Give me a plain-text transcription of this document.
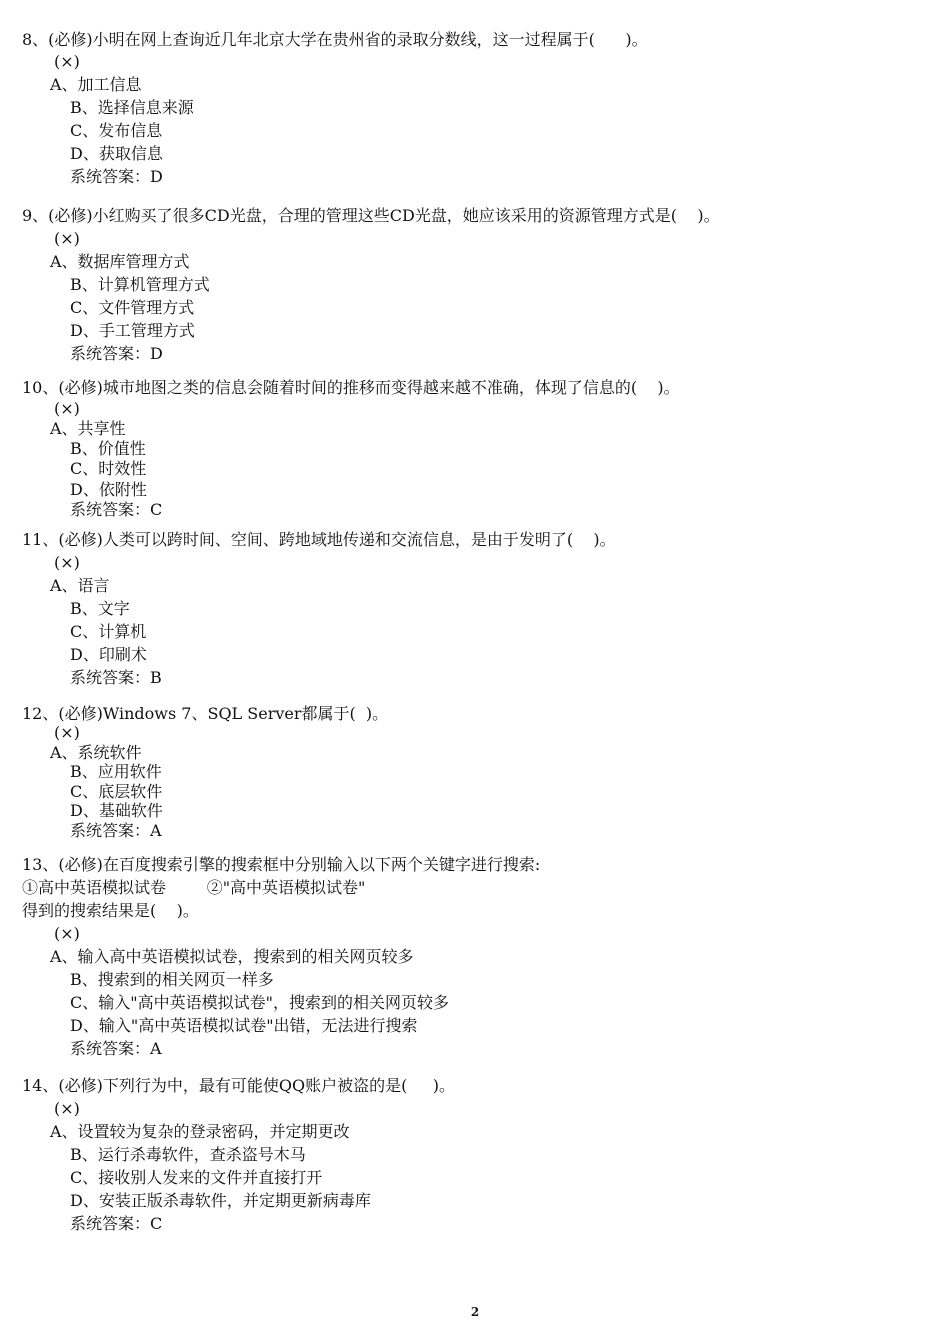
8、(必修)小明在网上查询近几年北京大学在贵州省的录取分数线，这一过程属于(      )。
(×)
A、加工信息
B、选择信息来源
C、发布信息
D、获取信息
系统答案：D
9、(必修)小红购买了很多CD光盘，合理的管理这些CD光盘，她应该采用的资源管理方式是(    )。
(×)
A、数据库管理方式
B、计算机管理方式
C、文件管理方式
D、手工管理方式
系统答案：D
10、(必修)城市地图之类的信息会随着时间的推移而变得越来越不准确，体现了信息的(    )。
(×)
A、共享性
B、价值性
C、时效性
D、依附性
系统答案：C
11、(必修)人类可以跨时间、空间、跨地域地传递和交流信息，是由于发明了(    )。
(×)
A、语言
B、文字
C、计算机
D、印刷术
系统答案：B
12、(必修)Windows 7、SQL Server都属于(  )。
(×)
A、系统软件
B、应用软件
C、底层软件
D、基础软件
系统答案：A
13、(必修)在百度搜索引擎的搜索框中分别输入以下两个关键字进行搜索:
①高中英语模拟试卷        ②"高中英语模拟试卷"
得到的搜索结果是(    )。
(×)
A、输入高中英语模拟试卷，搜索到的相关网页较多
B、搜索到的相关网页一样多
C、输入"高中英语模拟试卷"，搜索到的相关网页较多
D、输入"高中英语模拟试卷"出错，无法进行搜索
系统答案：A
14、(必修)下列行为中，最有可能使QQ账户被盗的是(     )。
(×)
A、设置较为复杂的登录密码，并定期更改
B、运行杀毒软件，查杀盗号木马
C、接收别人发来的文件并直接打开
D、安装正版杀毒软件，并定期更新病毒库
系统答案：C
2
